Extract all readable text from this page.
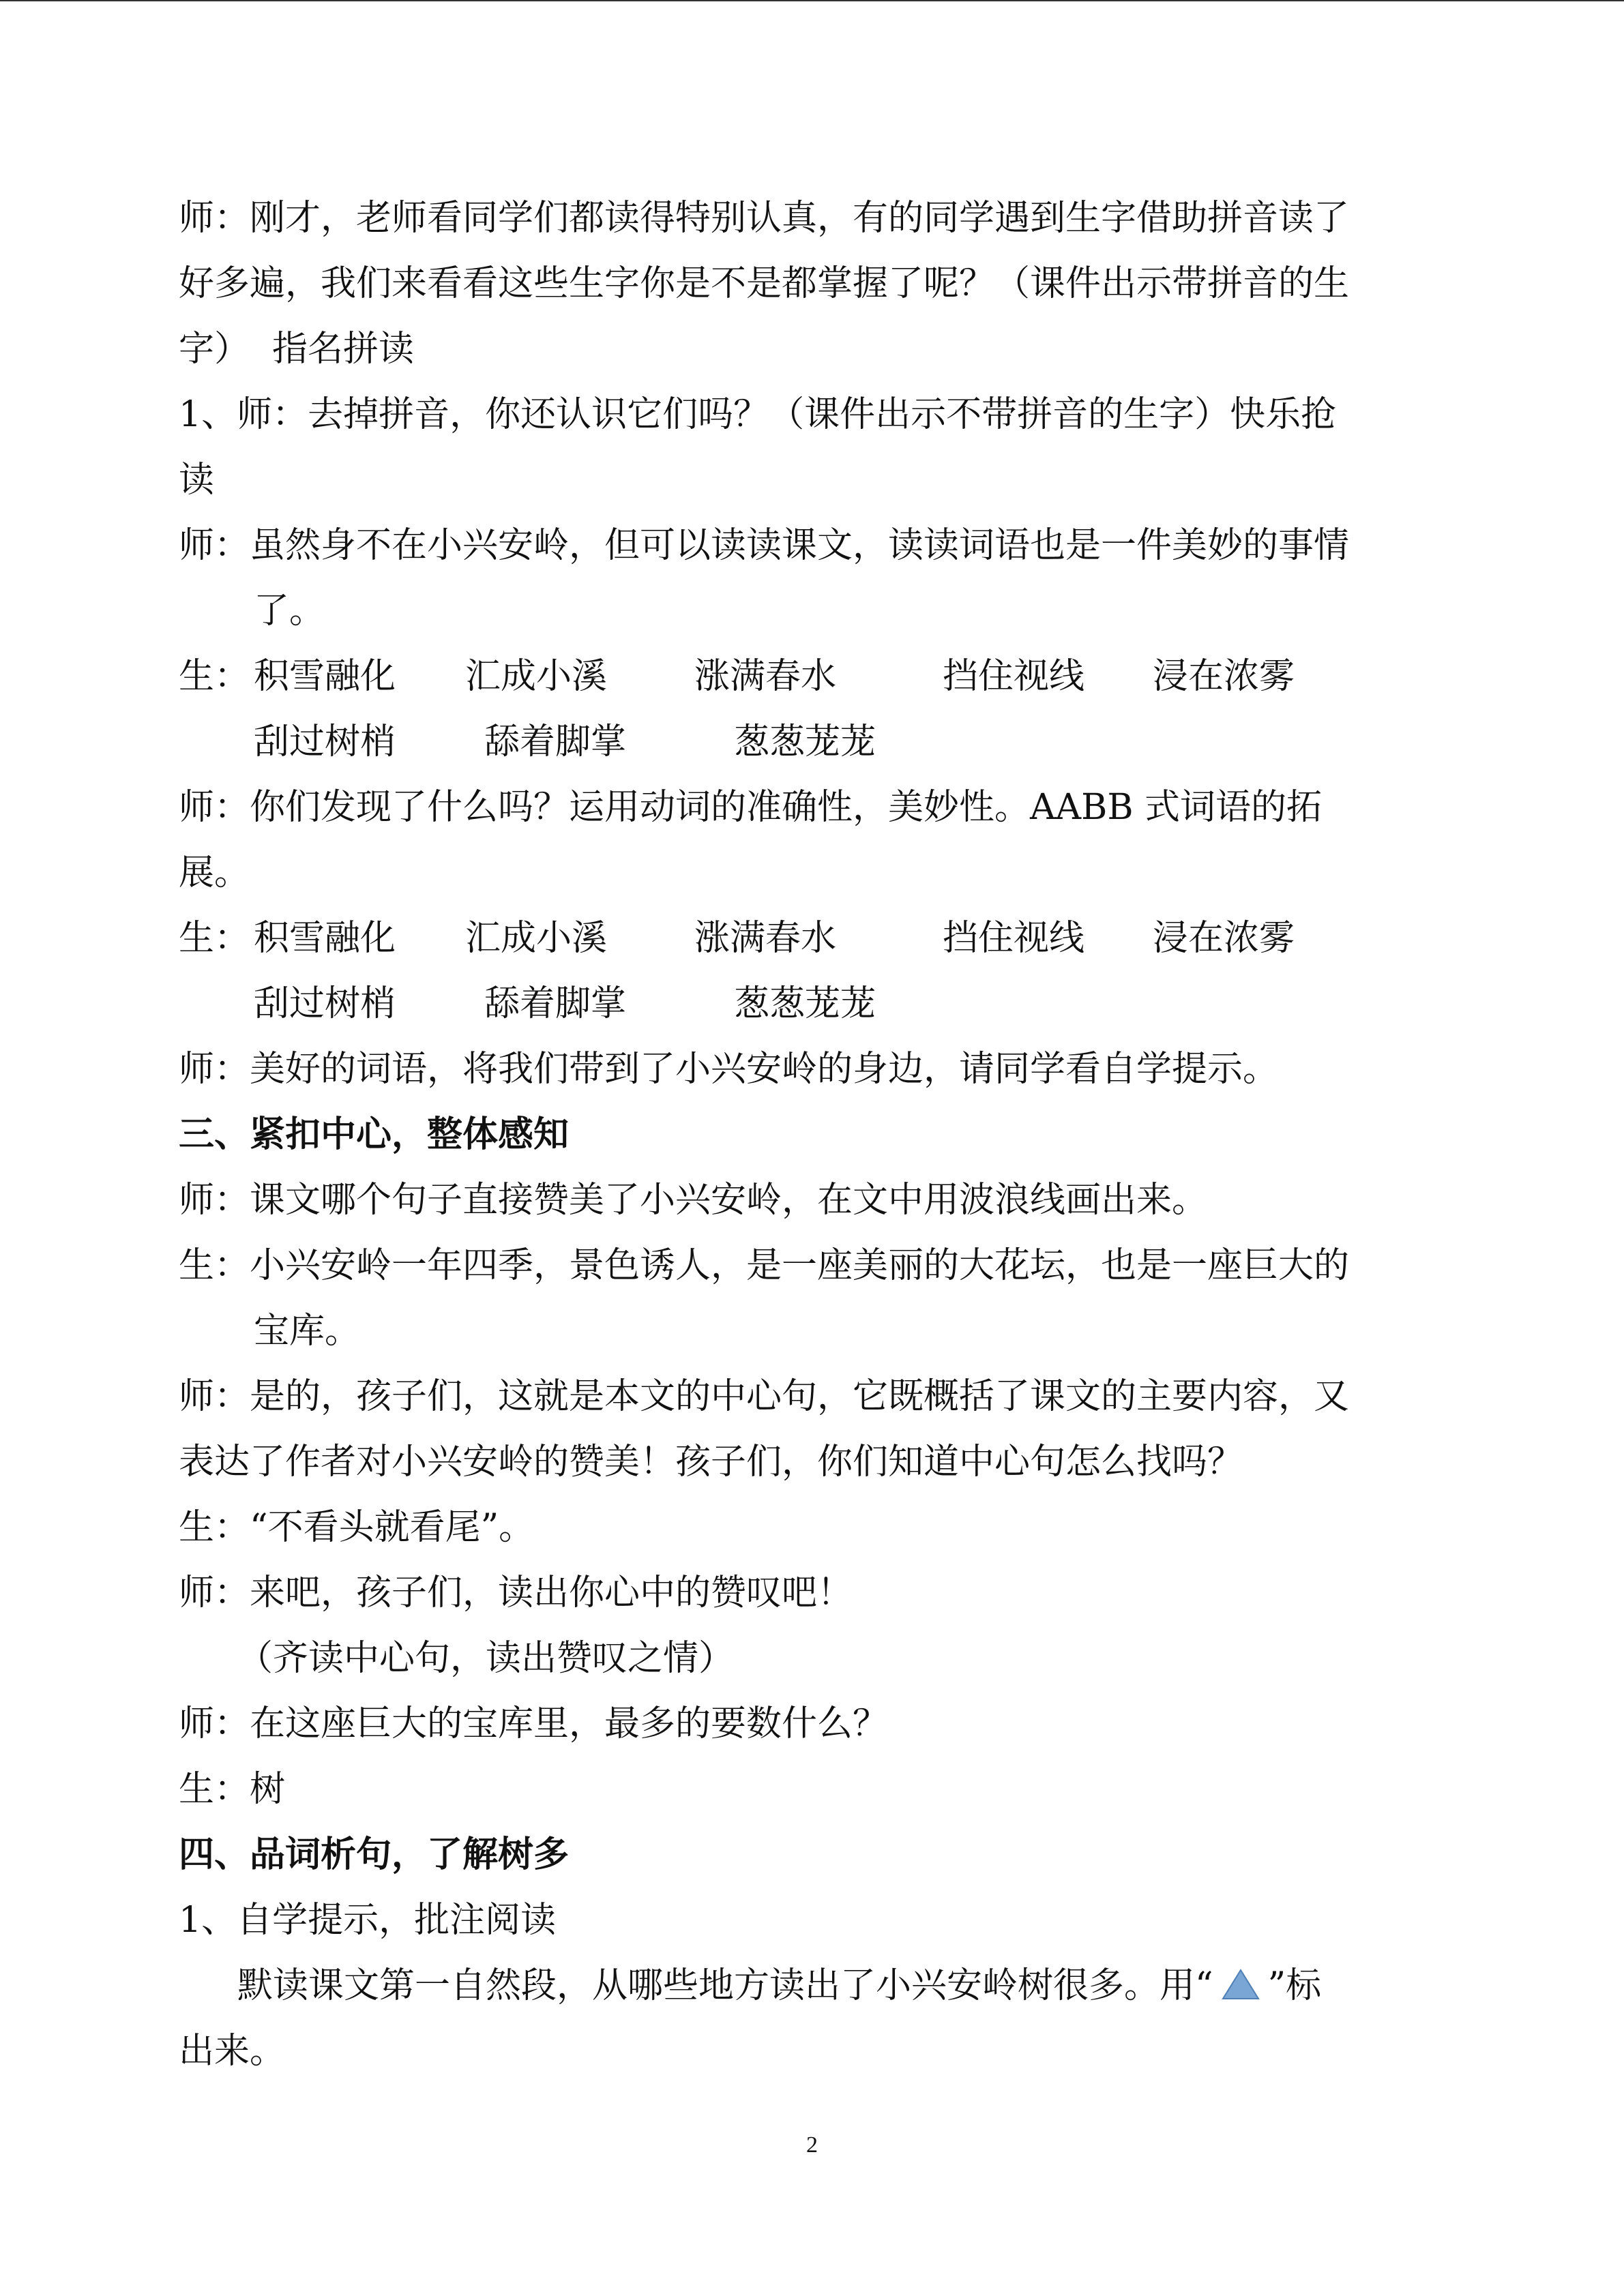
师：刚才，老师看同学们都读得特别认真，有的同学遇到生字借助拼音读了
好多遍，我们来看看这些生字你是不是都掌握了呢？（课件出示带拼音的生
字）  指名拼读
1、师：去掉拼音，你还认识它们吗？（课件出示不带拼音的生字）快乐抢
读
师：虽然身不在小兴安岭，但可以读读课文，读读词语也是一件美妙的事情
了。
生： 积雪融化 汇成小溪 涨满春水	挡住视线 浸在浓雾
刮过树梢 舔着脚掌	葱葱茏茏
师：你们发现了什么吗？运用动词的准确性，美妙性。AABB 式词语的拓
展。
生： 积雪融化 汇成小溪 涨满春水	挡住视线 浸在浓雾
刮过树梢 舔着脚掌	葱葱茏茏
师：美好的词语，将我们带到了小兴安岭的身边，请同学看自学提示。
三、紧扣中心，整体感知
师：课文哪个句子直接赞美了小兴安岭，在文中用波浪线画出来。
生：小兴安岭一年四季，景色诱人，是一座美丽的大花坛，也是一座巨大的
宝库。
师：是的，孩子们，这就是本文的中心句，它既概括了课文的主要内容，又
表达了作者对小兴安岭的赞美！孩子们，你们知道中心句怎么找吗？
生：“不看头就看尾”。
师：来吧，孩子们，读出你心中的赞叹吧！
（齐读中心句，读出赞叹之情）
师：在这座巨大的宝库里，最多的要数什么？
生：树
四、品词析句，了解树多
1、自学提示，批注阅读
默读课文第一自然段，从哪些地方读出了小兴安岭树很多。用“ ”标
出来。
2
